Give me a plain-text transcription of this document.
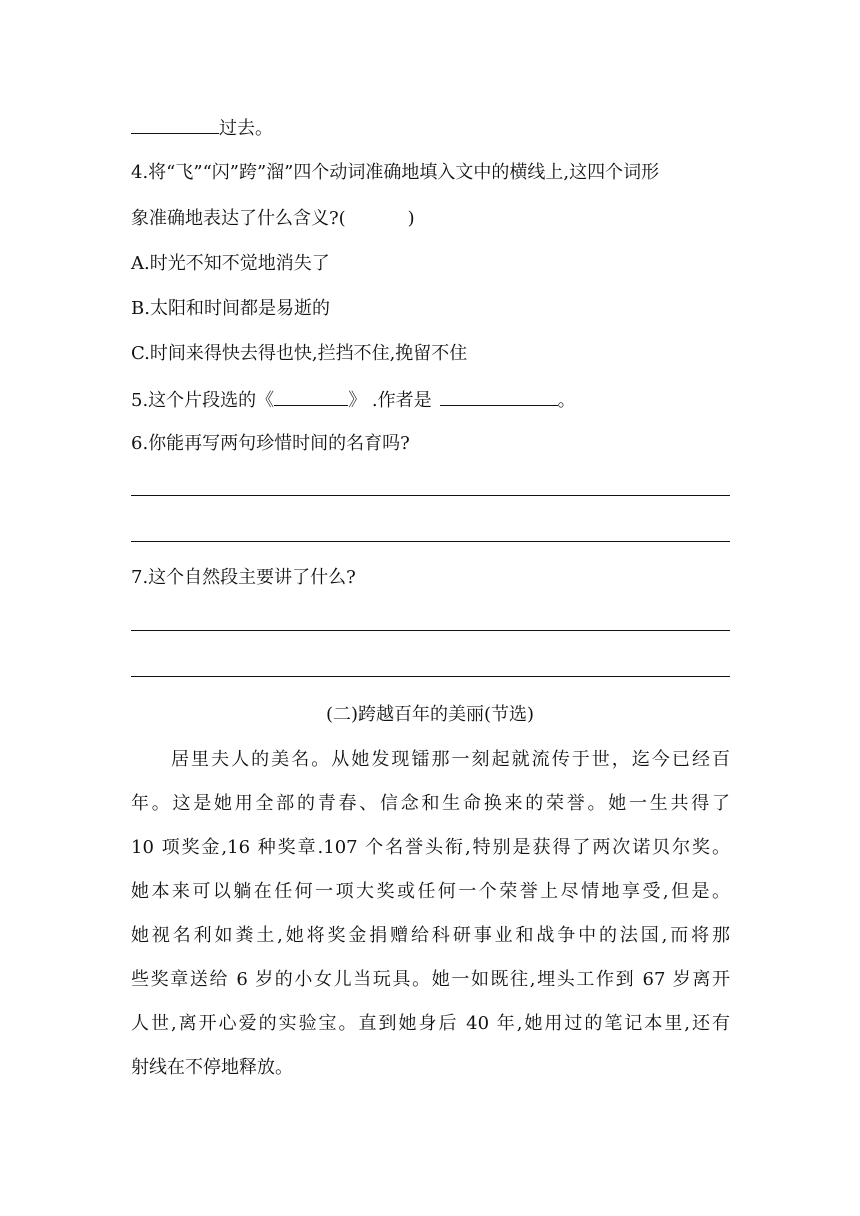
过去。
4.将“飞”“闪”跨”溜”四个动词准确地填入文中的横线上,这四个词形
象准确地表达了什么含义?(	)
A.时光不知不觉地消失了
B.太阳和时间都是易逝的
C.时间来得快去得也快,拦挡不住,挽留不住
5.这个片段选的《	》 .作者是	。
6.你能再写两句珍惜时间的名育吗?
7.这个自然段主要讲了什么?
(二)跨越百年的美丽(节选)
居里夫人的美名。从她发现镭那一刻起就流传于世，迄今已经百
年。这是她用全部的青春、信念和生命换来的荣誉。她一生共得了
10 项奖金,16 种奖章.107 个名誉头衔,特别是获得了两次诺贝尔奖。
她本来可以躺在任何一项大奖或任何一个荣誉上尽情地享受,但是。
她视名利如粪土,她将奖金捐赠给科研事业和战争中的法国,而将那
些奖章送给 6 岁的小女儿当玩具。她一如既往,埋头工作到 67 岁离开
人世,离开心爱的实验宝。直到她身后 40 年,她用过的笔记本里,还有
射线在不停地释放。
